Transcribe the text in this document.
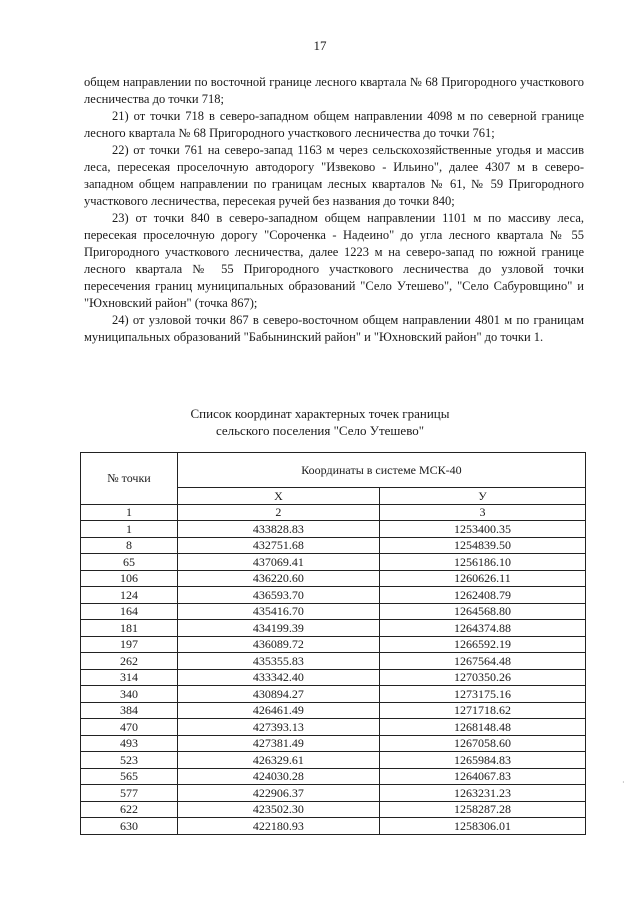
17

общем направлении по восточной границе лесного квартала № 68 Пригородного участкового лесничества до точки 718;

21) от точки 718 в северо-западном общем направлении 4098 м по северной границе лесного квартала № 68 Пригородного участкового лесничества до точки 761;

22) от точки 761 на северо-запад 1163 м через сельскохозяйственные угодья и массив леса, пересекая проселочную автодорогу "Извеково - Ильино", далее 4307 м в северо-западном общем направлении по границам лесных кварталов № 61, № 59 Пригородного участкового лесничества, пересекая ручей без названия до точки 840;

23) от точки 840 в северо-западном общем направлении 1101 м по массиву леса, пересекая проселочную дорогу "Сороченка - Надеино" до угла лесного квартала № 55 Пригородного участкового лесничества, далее 1223 м на северо-запад по южной границе лесного квартала № 55 Пригородного участкового лесничества до узловой точки пересечения границ муниципальных образований "Село Утешево", "Село Сабуровщино" и "Юхновский район" (точка 867);

24) от узловой точки 867 в северо-восточном общем направлении 4801 м по границам муниципальных образований "Бабынинский район" и "Юхновский район" до точки 1.

Список координат характерных точек границы
сельского поселения "Село Утешево"
№ точки	Координаты в системе МСК-40	
	Х	У
1	2	3
1	433828.83	1253400.35
8	432751.68	1254839.50
65	437069.41	1256186.10
106	436220.60	1260626.11
124	436593.70	1262408.79
164	435416.70	1264568.80
181	434199.39	1264374.88
197	436089.72	1266592.19
262	435355.83	1267564.48
314	433342.40	1270350.26
340	430894.27	1273175.16
384	426461.49	1271718.62
470	427393.13	1268148.48
493	427381.49	1267058.60
523	426329.61	1265984.83
565	424030.28	1264067.83
577	422906.37	1263231.23
622	423502.30	1258287.28
630	422180.93	1258306.01
·
